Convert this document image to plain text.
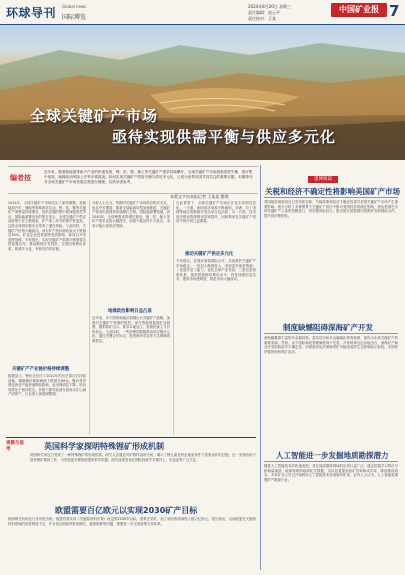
环球导刊 Global news
国际博览
2024年8月20日 星期三
责任编辑：赵云平
责任校对：王某
中国矿业报 7
全球关键矿产市场
亟待实现供需平衡与供应多元化
编者按
近年来，随着新能源等新兴产业的快速发展，锂、钴、镍、稀土等关键矿产需求持续攀升，全球关键矿产市场面临供需失衡、供应集中度高、地缘政治风险上升等多重挑战。如何实现关键矿产供需平衡与供应多元化，已成为世界各国共同关注的重要议题。本期特刊对全球关键矿产市场发展态势进行梳理，以供读者参考。
本版文字由本报记者 王某某 整理
2024年，全球关键矿产市场经历了深刻调整。受新能源汽车、储能等领域需求拉动，锂、钴、镍等关键矿产消费量持续增长，但供应端的集中度问题依然突出。国际能源署发布的报告显示，全球关键矿产供应高度集中在少数国家，矿产加工环节的集中度更高，这给全球供应链安全带来了潜在风险。与此同时，关键矿产价格大幅波动，部分矿产品价格较高点下跌超过50%，矿业企业投资意愿受到影响，新项目开发进度放缓。专家指出，实现关键矿产供需平衡需要各国加强合作，推动勘探开发投资，完善回收利用体系，构建多元化、有韧性的供应链。
关键矿产产业链价格持续调整
数据显示，锂价在经历了2022年的历史高位后持续回落，碳酸锂价格较峰值下跌超过80%。镍价受印度尼西亚产能快速释放影响，也出现明显下降。钴价同样处于相对低位。价格下跌导致部分高成本矿山减产或停产，行业进入深度调整期。
分析人士认为，短期内关键矿产市场供应相对充足，但从中长期看，随着全球能源转型加速推进，关键矿产需求仍将保持快速增长态势。国际能源署预测，到2040年，全球锂需求将增长数倍，镍、钴、稀土等矿产需求也将大幅提升。如果不能及时扩大供应，未来可能出现供应短缺。
地缘政治影响日益凸显
近年来，多个国家和地区相继出台关键矿产战略，加强对关键矿产资源的管控。部分资源国提高矿业税费、限制原矿出口、要求本地加工，资源民族主义有所抬头。与此同时，一些消费国积极推动供应链多元化，通过签署合作协议、投资海外项目等方式保障资源供应。
在此背景下，全球关键矿产市场正在发生结构性变化。一方面，新的供应来源不断涌现，非洲、拉丁美洲等地区的勘探开发活动日趋活跃；另一方面，技术进步推动资源利用效率提升，回收利用在关键矿产供应中的作用日益重要。
推动关键矿产供应多元化
专家建议，各国应加强国际合作，共同维护关键矿产市场稳定。一是加大勘探投入，发现更多优质资源；二是提升加工能力，优化全球产业布局；三是完善回收体系，提高资源循环利用水平；四是加强信息共享，提高市场透明度，防范市场大幅波动。
延伸阅读
关税和经济不确定性将影响美国矿产市场
美国地质调查局近日发布报告称，关税政策和经济不确定性将对美国关键矿产市场产生重要影响。报告分析了多种情景下关键矿产供应中断对美国经济的潜在影响，指出美国在多种关键矿产上高度依赖进口，供应链风险较大。报告建议加强国内资源开发和国际合作，提升供应链韧性。
制度缺憾阻碍深海矿产开发
深海蕴藏着丰富的多金属结核、富钴结壳和多金属硫化物等资源，被视为未来关键矿产的重要来源。然而，由于国际海底管理制度尚不完善，开采规章迟迟未能出台，深海矿产商业开发面临诸多不确定性。环保组织也对深海采矿可能造成的生态影响表示担忧，多国呼吁暂停深海采矿活动。
人工智能进一步发掘地质勘探潜力
随着人工智能技术的快速发展，其在地质勘探领域的应用日益广泛。通过机器学习算法分析海量地质、地球物理和地球化学数据，可以显著提高找矿效率和成功率，降低勘探成本。多家矿业公司已开始利用人工智能技术发现新的矿床，业内人士认为，人工智能将重塑矿产勘探行业。
观察与思考	英国科学家探明特殊锂矿形成机制
英国科学家近日发现了一种特殊锂矿的形成机制。研究人员通过对矿物样品的分析，揭示了锂元素在特定地质条件下富集成矿的过程。这一发现有助于指导锂矿勘探工作，为发现更多锂资源提供科学依据。研究成果发表在国际权威学术期刊上，引起业界广泛关注。
欧盟需要百亿欧元以实现2030矿产目标
欧洲研究机构近日发布报告称，欧盟若要实现《关键原材料法案》设定的2030年目标，需要在采矿、加工和回收领域投入数百亿欧元。报告指出，目前欧盟在关键原材料领域的投资明显不足，许多项目面临审批周期长、融资困难等问题，需要进一步完善政策支持体系。
